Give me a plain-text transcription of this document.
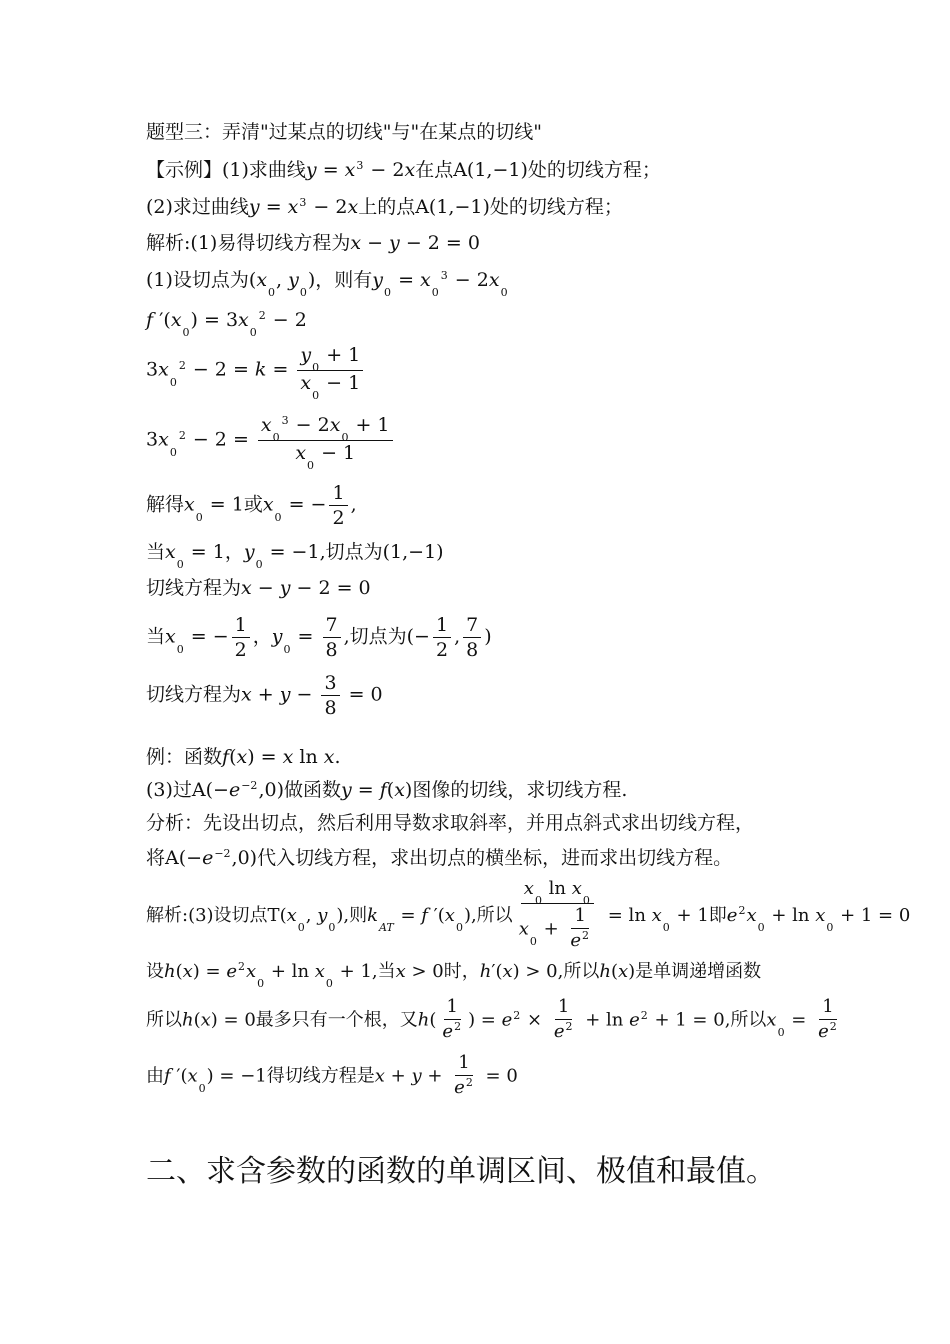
题型三：弄清"过某点的切线"与"在某点的切线"
【示例】(1)求曲线$y = x^3 - 2x$在点A(1,−1)处的切线方程；
(2)求过曲线$y = x^3 - 2x$上的点A(1,−1)处的切线方程；
解析:(1)易得切线方程为x − y − 2 = 0
(1)设切点为($x_0$, $y_0$)，则有$y_0 = x_0^3 - 2x_0$
f $'(x_0) = 3x_0^2 - 2$
$3x_0^2 - 2 = k = \frac{y_0 + 1}{x_0 - 1}$
$3x_0^2 - 2 = \frac{x_0^3 - 2x_0 + 1}{x_0 - 1}$
解得$x_0 = 1$或$x_0$ = − $\frac{1}{2}$ ,
当$x_0 = 1$，$y_0 = -1$,切点为(1,−1)
切线方程为x − y − 2 = 0
当$x_0$ = − $\frac{1}{2}$ ，$y_0 = \frac{7}{8}$ ,切点为(− $\frac{1}{2}$ , $\frac{7}{8}$ )
切线方程为$x + y - \frac{3}{8} = 0$
例：函数f(x) = x ln x.
(3)过$A(-e^{-2},0)$做函数y = f(x)图像的切线，求切线方程.
分析：先设出切点，然后利用导数求取斜率，并用点斜式求出切线方程，
将$A(-e^{-2},0)$代入切线方程，求出切点的横坐标，进而求出切线方程。
解析:(3)设切点$T(x_0$, $y_0$),则$k_{AT} = f$ $'(x_0)$,所以 $\frac{x_0 \ln x_0}{x_0 + \frac{1}{e^2}} = \ln x_0 + 1$即$e^2x_0 + \ln x_0 + 1 = 0$
设$h(x) = e^2x_0 + \ln x_0 + 1$,当x > 0时，h′(x) > 0,所以h(x)是单调递增函数
所以h(x) = 0最多只有一个根，又$h( \frac{1}{e^2}$ ) = $e^2 \times \frac{1}{e^2} + \ln e^2 + 1 = 0$,所以$x_0 = \frac{1}{e^2}$
由f $'(x_0) = -1$得切线方程是$x + y + \frac{1}{e^2} = 0$
二、求含参数的函数的单调区间、极值和最值。
